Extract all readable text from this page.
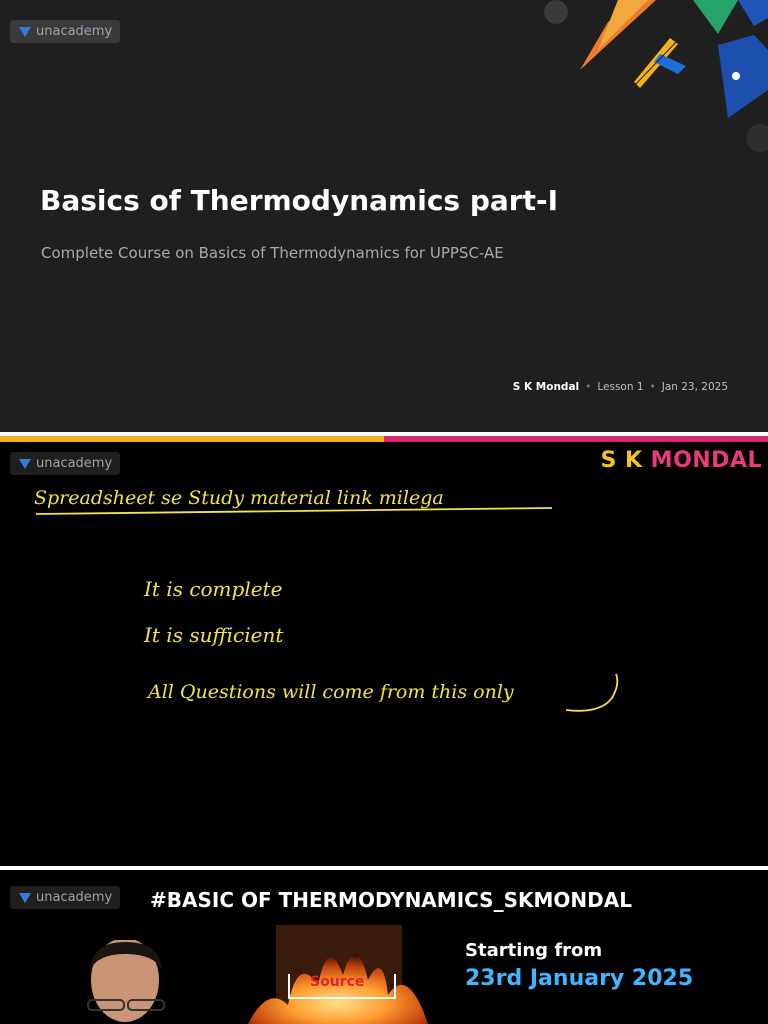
unacademy
Basics of Thermodynamics part-I
Complete Course on Basics of Thermodynamics for UPPSC-AE
S K Mondal • Lesson 1 • Jan 23, 2025
unacademy	S K MONDAL
Spreadsheet se Study material link milega
It is complete
It is sufficient
All Questions will come from this only
Source
unacademy #BASIC OF THERMODYNAMICS_SKMONDAL
Starting from
23rd January 2025
